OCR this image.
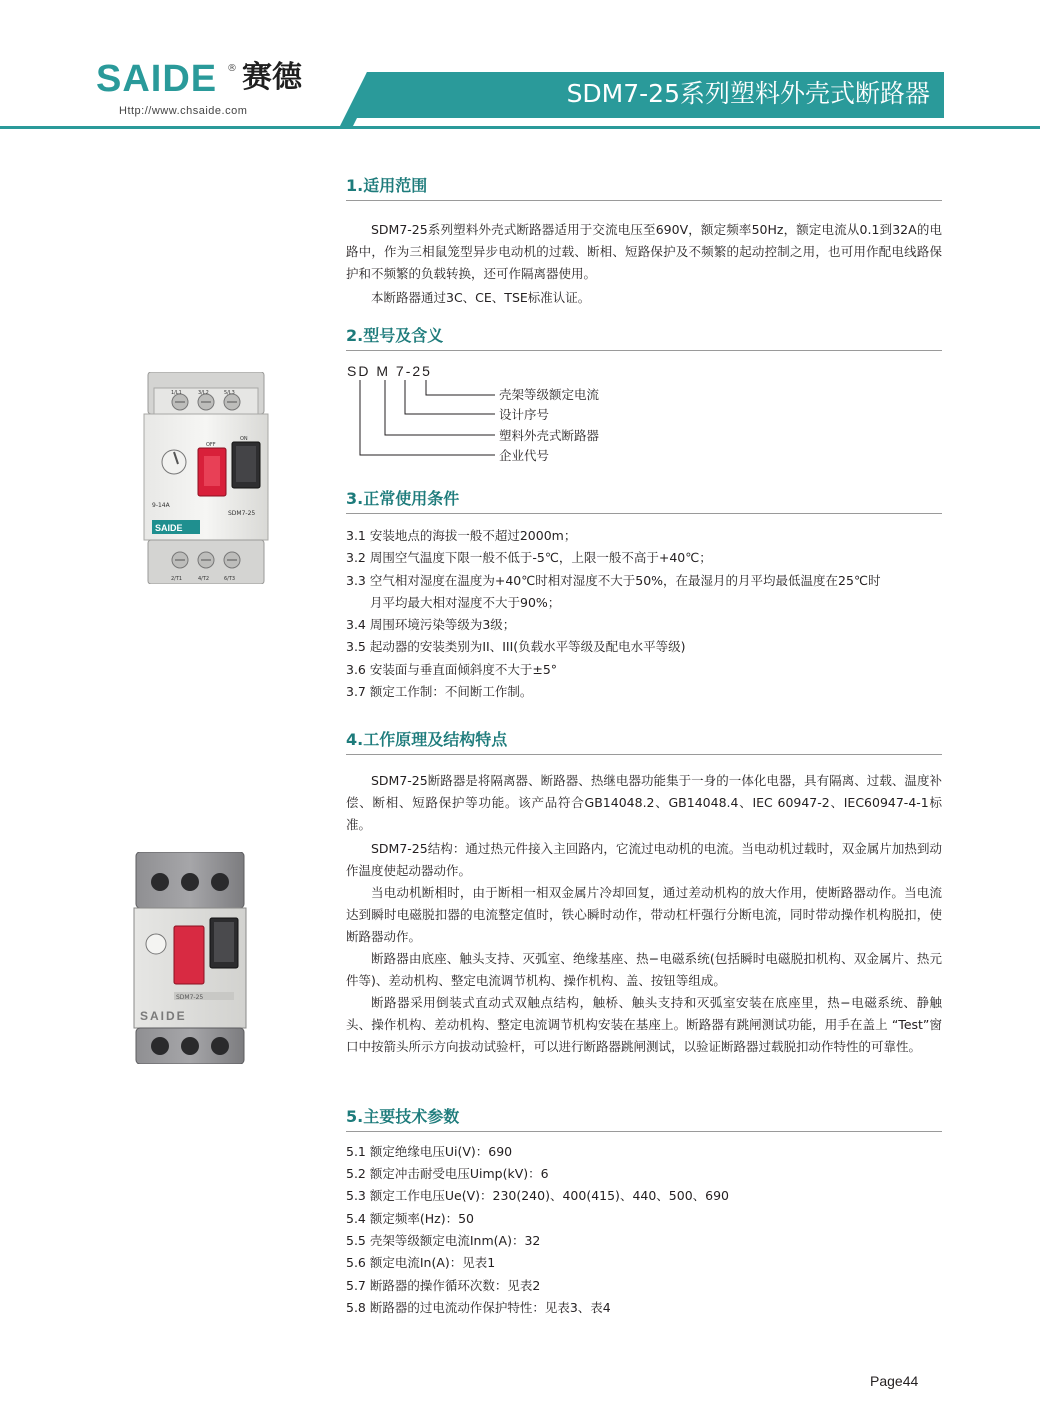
SAIDE ® 赛德
Http://www.chsaide.com
SDM7-25系列塑料外壳式断路器
1.适用范围
SDM7-25系列塑料外壳式断路器适用于交流电压至690V，额定频率50Hz，额定电流从0.1到32A的电路中，作为三相鼠笼型异步电动机的过载、断相、短路保护及不频繁的起动控制之用，也可用作配电线路保护和不频繁的负载转换，还可作隔离器使用。
本断路器通过3C、CE、TSE标准认证。
2.型号及含义
SD M 7-25
壳架等级额定电流
设计序号
塑料外壳式断路器
企业代号
1/L1	3/L2	5/L3
OFF
ON
9-14A
SDM7-25
SAIDE
2/T1	4/T2	6/T3
3.正常使用条件
3.1 安装地点的海拔一般不超过2000m；
3.2 周围空气温度下限一般不低于-5℃，上限一般不高于+40℃；
3.3 空气相对湿度在温度为+40℃时相对湿度不大于50%，在最湿月的月平均最低温度在25℃时
月平均最大相对湿度不大于90%；
3.4 周围环境污染等级为3级；
3.5 起动器的安装类别为II、III(负载水平等级及配电水平等级)
3.6 安装面与垂直面倾斜度不大于±5°
3.7 额定工作制：不间断工作制。
4.工作原理及结构特点
SDM7-25断路器是将隔离器、断路器、热继电器功能集于一身的一体化电器，具有隔离、过载、温度补偿、断相、短路保护等功能。该产品符合GB14048.2、GB14048.4、IEC 60947-2、IEC60947-4-1标准。
SDM7-25结构：通过热元件接入主回路内，它流过电动机的电流。当电动机过载时，双金属片加热到动作温度使起动器动作。
当电动机断相时，由于断相一相双金属片冷却回复，通过差动机构的放大作用，使断路器动作。当电流达到瞬时电磁脱扣器的电流整定值时，铁心瞬时动作，带动杠杆强行分断电流，同时带动操作机构脱扣，使断路器动作。
断路器由底座、触头支持、灭弧室、绝缘基座、热−电磁系统(包括瞬时电磁脱扣机构、双金属片、热元件等)、差动机构、整定电流调节机构、操作机构、盖、按钮等组成。
断路器采用倒装式直动式双触点结构，触桥、触头支持和灭弧室安装在底座里，热−电磁系统、静触头、操作机构、差动机构、整定电流调节机构安装在基座上。断路器有跳闸测试功能，用手在盖上 “Test”窗口中按箭头所示方向拔动试验杆，可以进行断路器跳闸测试，以验证断路器过载脱扣动作特性的可靠性。
SDM7-25
SAIDE
5.主要技术参数
5.1 额定绝缘电压Ui(V)：690
5.2 额定冲击耐受电压Uimp(kV)：6
5.3 额定工作电压Ue(V)：230(240)、400(415)、440、500、690
5.4 额定频率(Hz)：50
5.5 壳架等级额定电流Inm(A)：32
5.6 额定电流In(A)：见表1
5.7 断路器的操作循环次数：见表2
5.8 断路器的过电流动作保护特性：见表3、表4
Page44
